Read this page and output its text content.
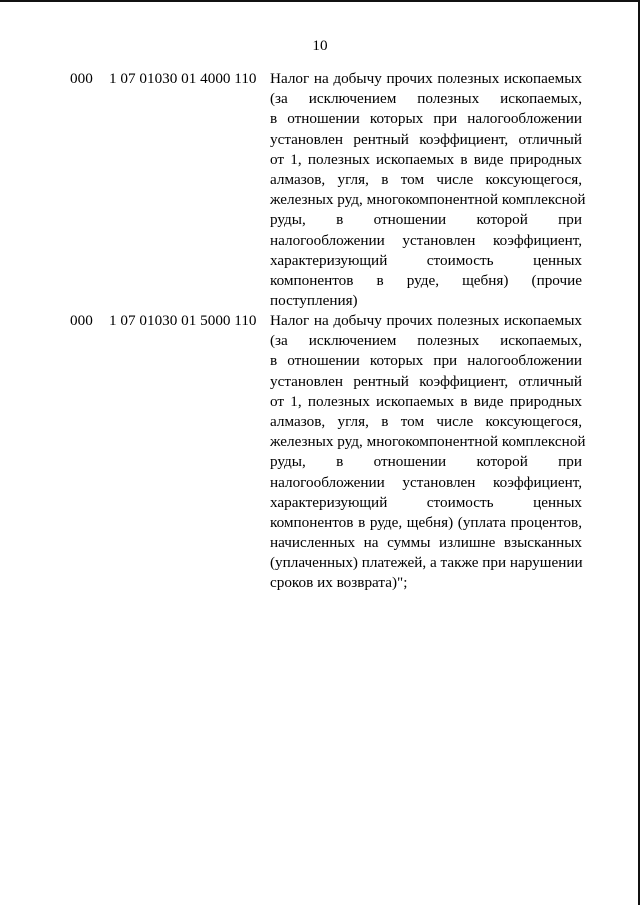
10
000 1 07 01030 01 4000 110 Налог на добычу прочих полезных ископаемых
(за исключением полезных ископаемых,
в отношении которых при налогообложении
установлен рентный коэффициент, отличный
от 1, полезных ископаемых в виде природных
алмазов, угля, в том числе коксующегося,
железных руд, многокомпонентной комплексной
руды, в отношении которой при
налогообложении установлен коэффициент,
характеризующий стоимость ценных
компонентов в руде, щебня) (прочие
поступления)
000 1 07 01030 01 5000 110 Налог на добычу прочих полезных ископаемых
(за исключением полезных ископаемых,
в отношении которых при налогообложении
установлен рентный коэффициент, отличный
от 1, полезных ископаемых в виде природных
алмазов, угля, в том числе коксующегося,
железных руд, многокомпонентной комплексной
руды, в отношении которой при
налогообложении установлен коэффициент,
характеризующий стоимость ценных
компонентов в руде, щебня) (уплата процентов,
начисленных на суммы излишне взысканных
(уплаченных) платежей, а также при нарушении
сроков их возврата)";
